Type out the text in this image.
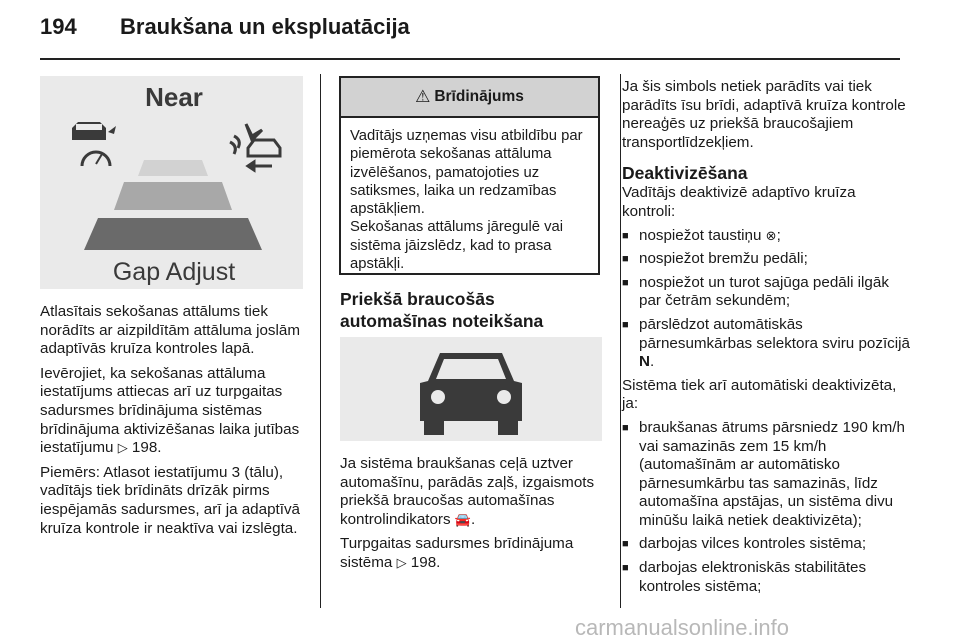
194 Braukšana un ekspluatācija
Near
Gap Adjust

Atlasītais sekošanas attālums tiek norādīts ar aizpildītām attāluma joslām adaptīvās kruīza kontroles lapā.

Ievērojiet, ka sekošanas attāluma iestatījums attiecas arī uz turpgaitas sadursmes brīdinājuma sistēmas brīdinājuma aktivizēšanas laika jutības iestatījumu ▷ 198.

Piemērs: Atlasot iestatījumu 3 (tālu), vadītājs tiek brīdināts drīzāk pirms iespējamās sadursmes, arī ja adaptīvā kruīza kontrole ir neaktīva vai izslēgta.

⚠ Brīdinājums

Vadītājs uzņemas visu atbildību par piemērota sekošanas attāluma izvēlēšanos, pamatojoties uz satiksmes, laika un redzamības apstākļiem.

Sekošanas attālums jāregulē vai sistēma jāizslēdz, kad to prasa apstākļi.

Priekšā braucošās automašīnas noteikšana

Ja sistēma braukšanas ceļā uztver automašīnu, parādās zaļš, izgaismots priekšā braucošas automašīnas kontrolindikators 🚘.

Turpgaitas sadursmes brīdinājuma sistēma ▷ 198.

Ja šis simbols netiek parādīts vai tiek parādīts īsu brīdi, adaptīvā kruīza kontrole nereaģēs uz priekšā braucošajiem transportlīdzekļiem.

Deaktivizēšana

Vadītājs deaktivizē adaptīvo kruīza kontroli:

■ nospiežot taustiņu ⊗;
■ nospiežot bremžu pedāli;
■ nospiežot un turot sajūga pedāli ilgāk par četrām sekundēm;
■ pārslēdzot automātiskās pārnesumkārbas selektora sviru pozīcijā N.

Sistēma tiek arī automātiski deaktivizēta, ja:

■ braukšanas ātrums pārsniedz 190 km/h vai samazinās zem 15 km/h (automašīnām ar automātisko pārnesumkārbu tas samazinās, līdz automašīna apstājas, un sistēma divu minūšu laikā netiek deaktivizēta);
■ darbojas vilces kontroles sistēma;
■ darbojas elektroniskās stabilitātes kontroles sistēma;
carmanualsonline.info
